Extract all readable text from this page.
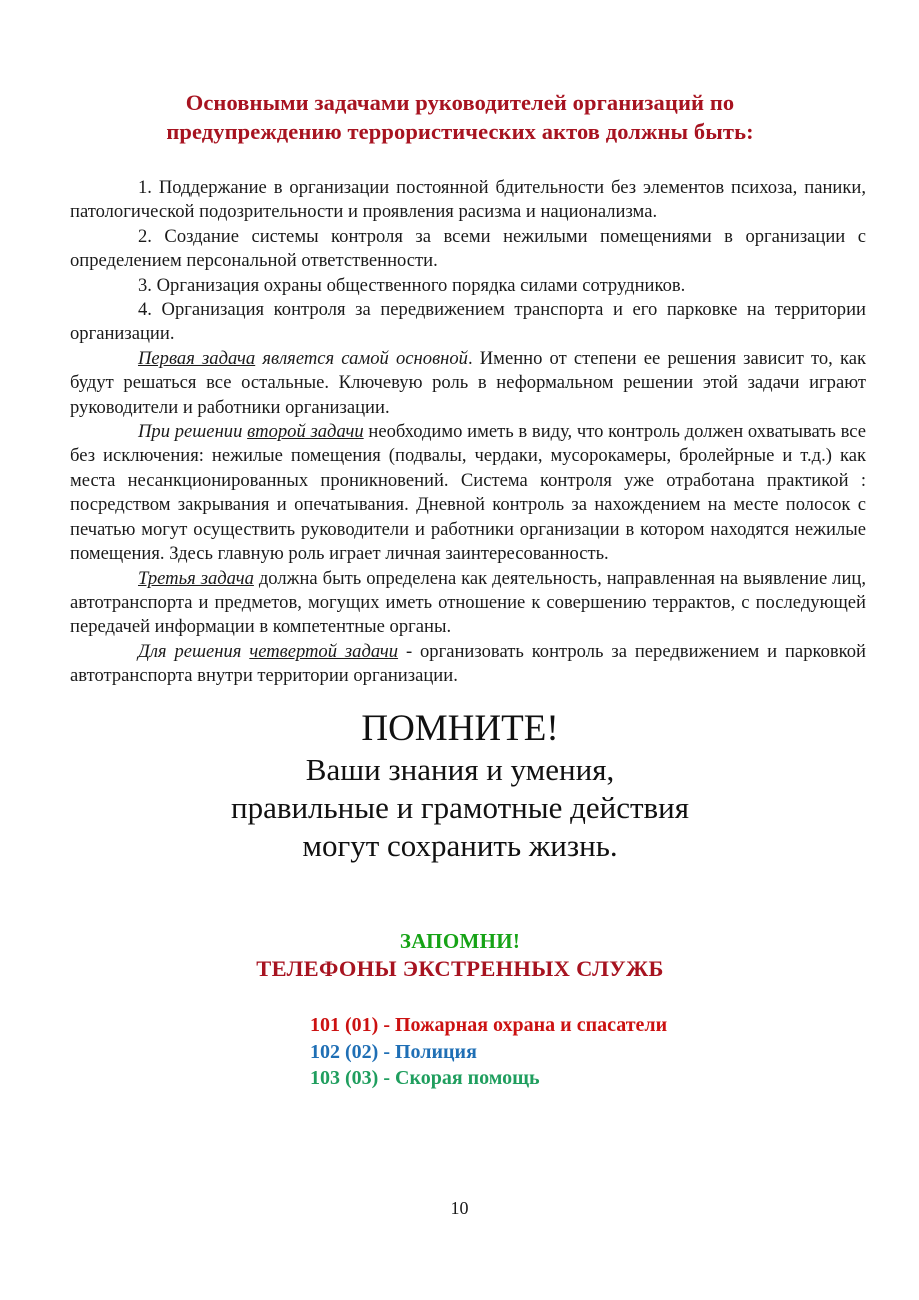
Основными задачами руководителей организаций по
предупреждению террористических актов должны быть:

1. Поддержание в организации постоянной бдительности без элементов психоза, паники, патологической подозрительности и проявления расизма и национализма.

2. Создание системы контроля за всеми нежилыми помещениями в организации с определением персональной ответственности.

3. Организация охраны общественного порядка силами сотрудников.

4. Организация контроля за передвижением транспорта и его парковке на территории организации.

Первая задача является самой основной. Именно от степени ее решения зависит то, как будут решаться все остальные. Ключевую роль в неформальном решении этой задачи играют руководители и работники организации.

При решении второй задачи необходимо иметь в виду, что контроль должен охватывать все без исключения: нежилые помещения (подвалы, чердаки, мусорокамеры, бролейрные и т.д.) как места несанкционированных проникновений. Система контроля уже отработана практикой : посредством закрывания и опечатывания. Дневной контроль за нахождением на месте полосок с печатью могут осуществить руководители и работники организации в котором находятся нежилые помещения. Здесь главную роль играет личная заинтересованность.

Третья задача должна быть определена как деятельность, направленная на выявление лиц, автотранспорта и предметов, могущих иметь отношение к совершению террактов, с последующей передачей информации в компетентные органы.

Для решения четвертой задачи - организовать контроль за передвижением и парковкой автотранспорта внутри территории организации.

ПОМНИТЕ!
Ваши знания и умения,
правильные и грамотные действия
могут сохранить жизнь.
ЗАПОМНИ!
ТЕЛЕФОНЫ ЭКСТРЕННЫХ СЛУЖБ
101 (01) - Пожарная охрана и спасатели
102 (02) - Полиция
103 (03) - Скорая помощь
10
